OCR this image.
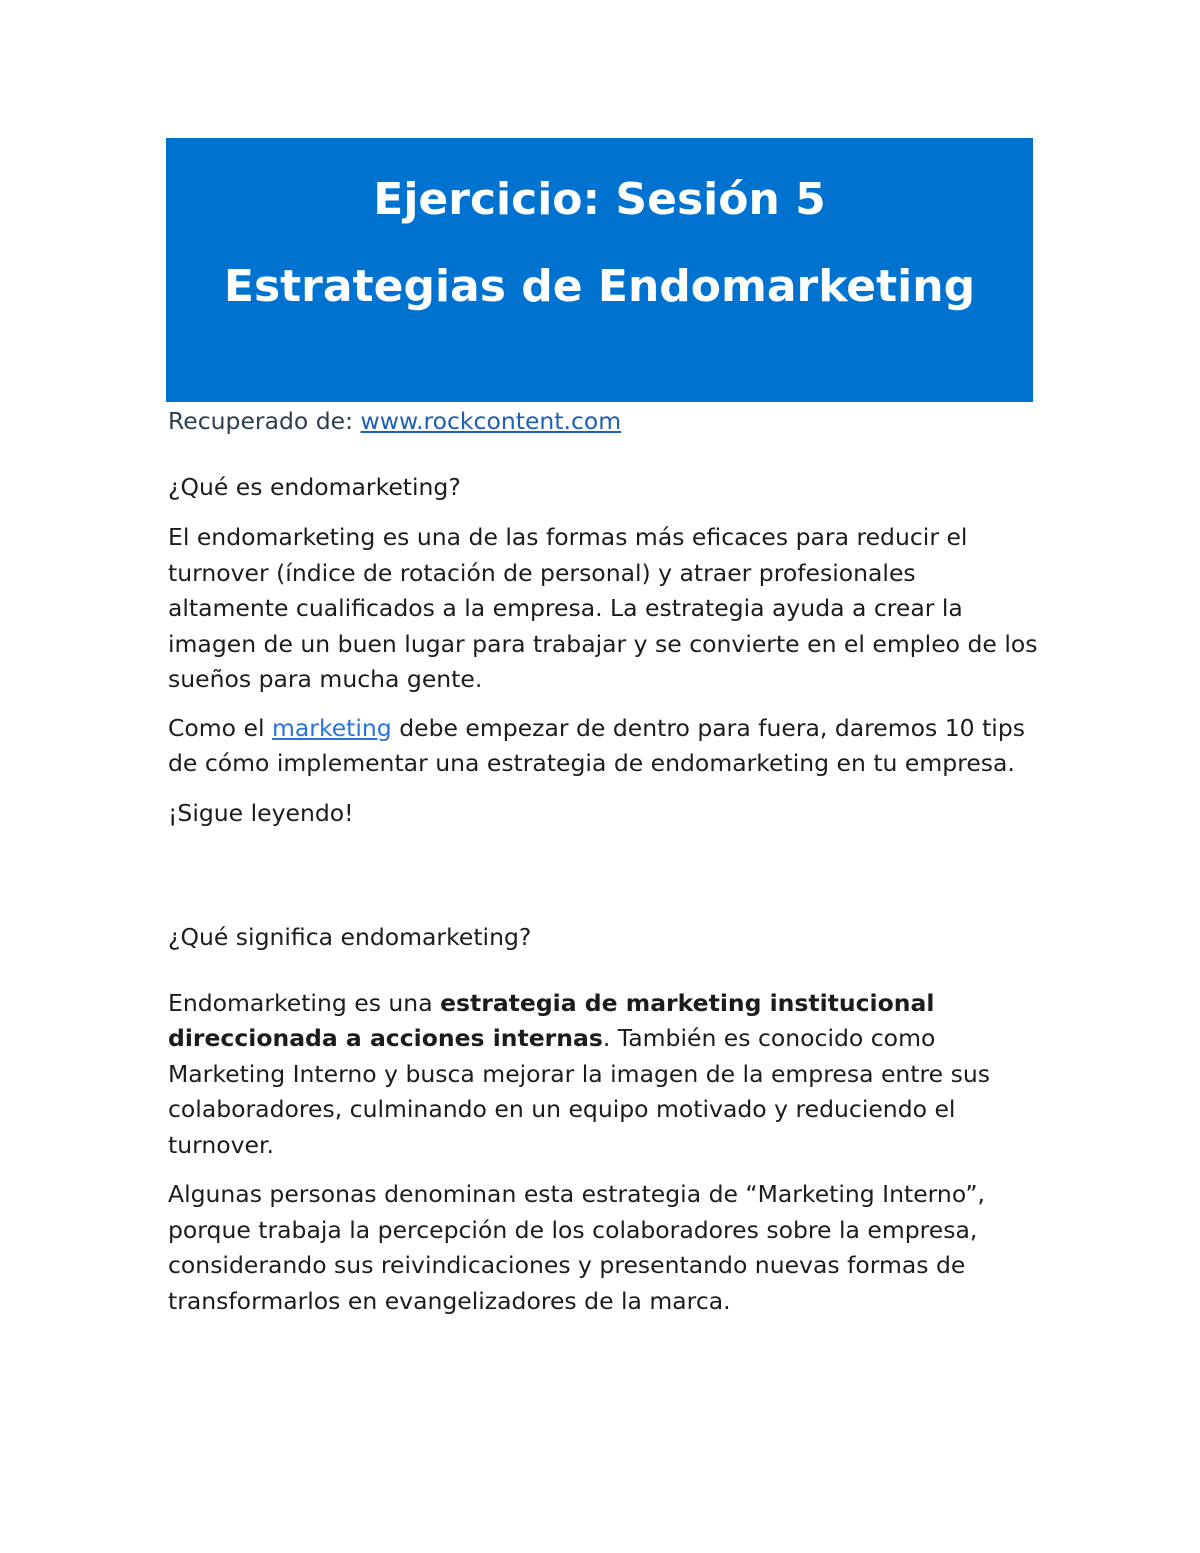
Ejercicio: Sesión 5
Estrategias de Endomarketing

Recuperado de: www.rockcontent.com

¿Qué es endomarketing?

El endomarketing es una de las formas más eficaces para reducir el turnover (índice de rotación de personal) y atraer profesionales altamente cualificados a la empresa. La estrategia ayuda a crear la imagen de un buen lugar para trabajar y se convierte en el empleo de los sueños para mucha gente.

Como el marketing debe empezar de dentro para fuera, daremos 10 tips de cómo implementar una estrategia de endomarketing en tu empresa.

¡Sigue leyendo!

¿Qué significa endomarketing?

Endomarketing es una estrategia de marketing institucional direccionada a acciones internas. También es conocido como Marketing Interno y busca mejorar la imagen de la empresa entre sus colaboradores, culminando en un equipo motivado y reduciendo el turnover.

Algunas personas denominan esta estrategia de “Marketing Interno”, porque trabaja la percepción de los colaboradores sobre la empresa, considerando sus reivindicaciones y presentando nuevas formas de transformarlos en evangelizadores de la marca.
